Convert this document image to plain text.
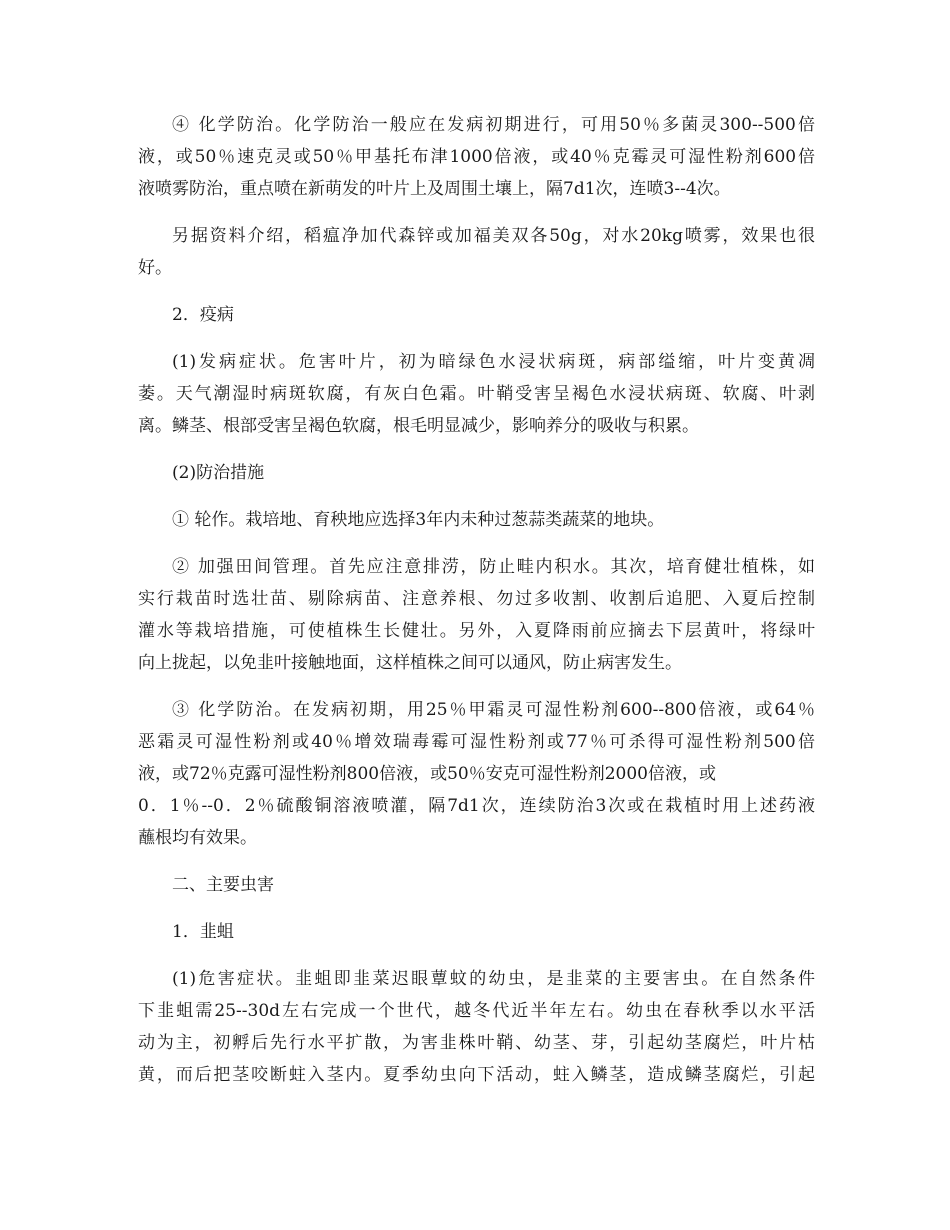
④ 化学防治。化学防治一般应在发病初期进行，可用50％多菌灵300--500倍
液，或50％速克灵或50％甲基托布津1000倍液，或40％克霉灵可湿性粉剂600倍
液喷雾防治，重点喷在新萌发的叶片上及周围土壤上，隔7d1次，连喷3--4次。

另据资料介绍，稻瘟净加代森锌或加福美双各50g，对水20kg喷雾，效果也很
好。

2．疫病

(1)发病症状。危害叶片，初为暗绿色水浸状病斑，病部缢缩，叶片变黄凋
萎。天气潮湿时病斑软腐，有灰白色霜。叶鞘受害呈褐色水浸状病斑、软腐、叶剥
离。鳞茎、根部受害呈褐色软腐，根毛明显减少，影响养分的吸收与积累。

(2)防治措施

① 轮作。栽培地、育秧地应选择3年内未种过葱蒜类蔬菜的地块。

② 加强田间管理。首先应注意排涝，防止畦内积水。其次，培育健壮植株，如
实行栽苗时选壮苗、剔除病苗、注意养根、勿过多收割、收割后追肥、入夏后控制
灌水等栽培措施，可使植株生长健壮。另外，入夏降雨前应摘去下层黄叶，将绿叶
向上拢起，以免韭叶接触地面，这样植株之间可以通风，防止病害发生。

③ 化学防治。在发病初期，用25％甲霜灵可湿性粉剂600--800倍液，或64％
恶霜灵可湿性粉剂或40％增效瑞毒霉可湿性粉剂或77％可杀得可湿性粉剂500倍
液，或72％克露可湿性粉剂800倍液，或50％安克可湿性粉剂2000倍液，或
0．1％--0．2％硫酸铜溶液喷灌，隔7d1次，连续防治3次或在栽植时用上述药液
蘸根均有效果。

二、主要虫害

1．韭蛆

(1)危害症状。韭蛆即韭菜迟眼蕈蚊的幼虫，是韭菜的主要害虫。在自然条件
下韭蛆需25--30d左右完成一个世代，越冬代近半年左右。幼虫在春秋季以水平活
动为主，初孵后先行水平扩散，为害韭株叶鞘、幼茎、芽，引起幼茎腐烂，叶片枯
黄，而后把茎咬断蛀入茎内。夏季幼虫向下活动，蛀入鳞茎，造成鳞茎腐烂，引起
